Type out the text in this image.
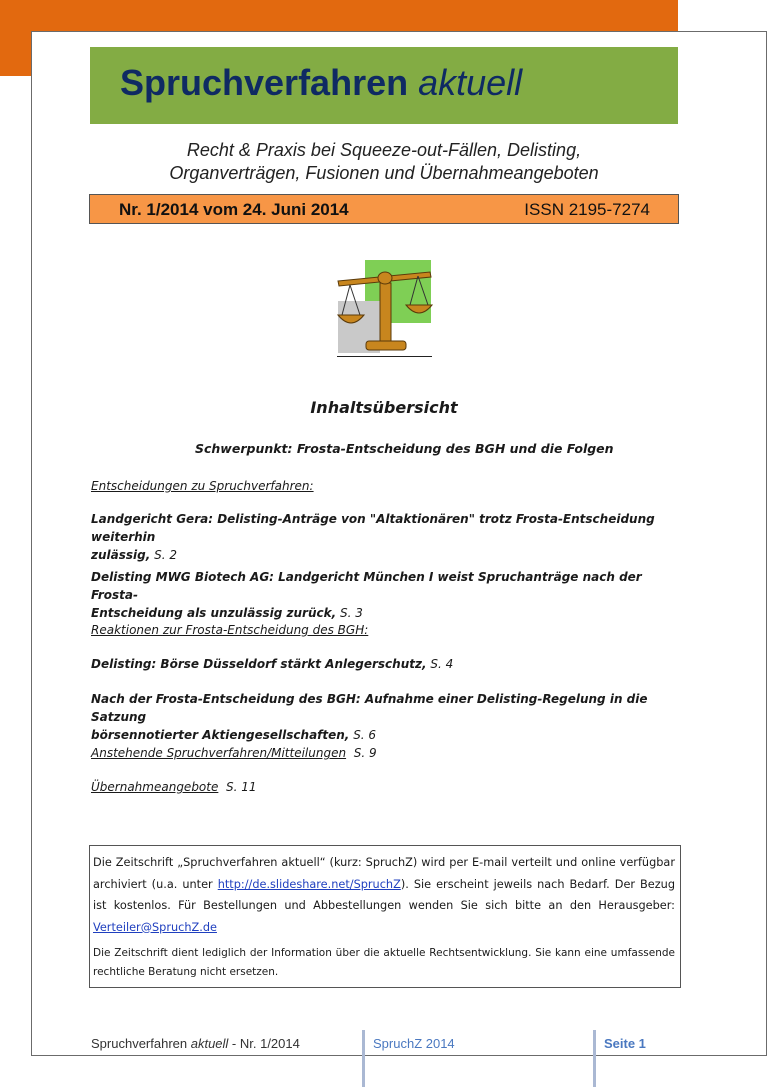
Spruchverfahren aktuell
Recht & Praxis bei Squeeze-out-Fällen, Delisting,
Organverträgen, Fusionen und Übernahmeangeboten
Nr. 1/2014 vom 24. Juni 2014	ISSN 2195-7274
Inhaltsübersicht
Schwerpunkt: Frosta-Entscheidung des BGH und die Folgen
Entscheidungen zu Spruchverfahren:
Landgericht Gera: Delisting-Anträge von "Altaktionären" trotz Frosta-Entscheidung weiterhin
zulässig, S. 2
Delisting MWG Biotech AG: Landgericht München I weist Spruchanträge nach der Frosta-
Entscheidung als unzulässig zurück, S. 3
Reaktionen zur Frosta-Entscheidung des BGH:
Delisting: Börse Düsseldorf stärkt Anlegerschutz, S. 4
Nach der Frosta-Entscheidung des BGH: Aufnahme einer Delisting-Regelung in die Satzung
börsennotierter Aktiengesellschaften, S. 6
Anstehende Spruchverfahren/Mitteilungen S. 9
Übernahmeangebote S. 11

Die Zeitschrift „Spruchverfahren aktuell“ (kurz: SpruchZ) wird per E-mail verteilt und online verfügbar archiviert (u.a. unter http://de.slideshare.net/SpruchZ). Sie erscheint jeweils nach Bedarf. Der Bezug ist kostenlos. Für Bestellungen und Abbestellungen wenden Sie sich bitte an den Herausgeber: Verteiler@SpruchZ.de

Die Zeitschrift dient lediglich der Information über die aktuelle Rechtsentwicklung. Sie kann eine umfassende rechtliche Beratung nicht ersetzen.

Spruchverfahren aktuell - Nr. 1/2014	SpruchZ 2014	Seite 1
